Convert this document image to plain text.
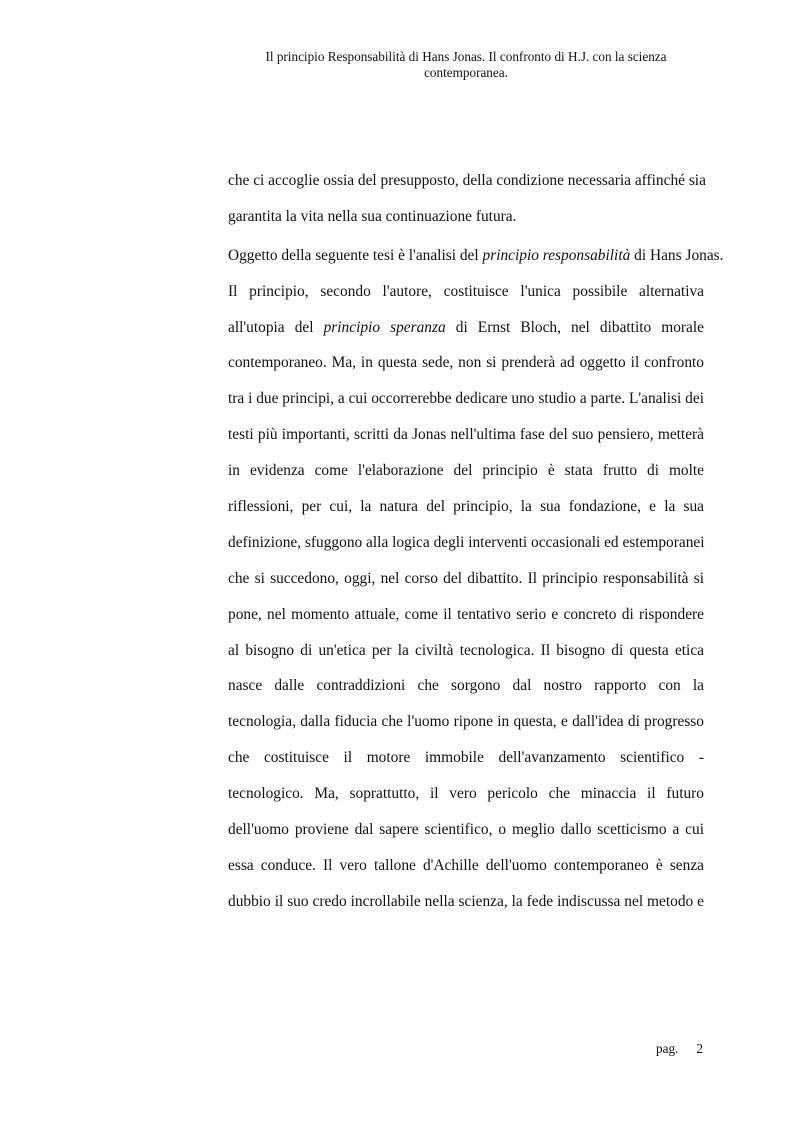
Il principio Responsabilità di Hans Jonas. Il confronto di H.J. con la scienza
contemporanea.
che ci accoglie ossia del presupposto, della condizione necessaria affinché sia
garantita la vita nella sua continuazione futura.
Oggetto della seguente tesi è l'analisi del principio responsabilità di Hans Jonas.
Il principio, secondo l'autore, costituisce l'unica possibile alternativa
all'utopia del principio speranza di Ernst Bloch, nel dibattito morale
contemporaneo. Ma, in questa sede, non si prenderà ad oggetto il confronto
tra i due principi, a cui occorrerebbe dedicare uno studio a parte. L'analisi dei
testi più importanti, scritti da Jonas nell'ultima fase del suo pensiero, metterà
in evidenza come l'elaborazione del principio è stata frutto di molte
riflessioni, per cui, la natura del principio, la sua fondazione, e la sua
definizione, sfuggono alla logica degli interventi occasionali ed estemporanei
che si succedono, oggi, nel corso del dibattito. Il principio responsabilità si
pone, nel momento attuale, come il tentativo serio e concreto di rispondere
al bisogno di un'etica per la civiltà tecnologica. Il bisogno di questa etica
nasce dalle contraddizioni che sorgono dal nostro rapporto con la
tecnologia, dalla fiducia che l'uomo ripone in questa, e dall'idea di progresso
che costituisce il motore immobile dell'avanzamento scientifico -
tecnologico. Ma, soprattutto, il vero pericolo che minaccia il futuro
dell'uomo proviene dal sapere scientifico, o meglio dallo scetticismo a cui
essa conduce. Il vero tallone d'Achille dell'uomo contemporaneo è senza
dubbio il suo credo incrollabile nella scienza, la fede indiscussa nel metodo e
pag. 2
